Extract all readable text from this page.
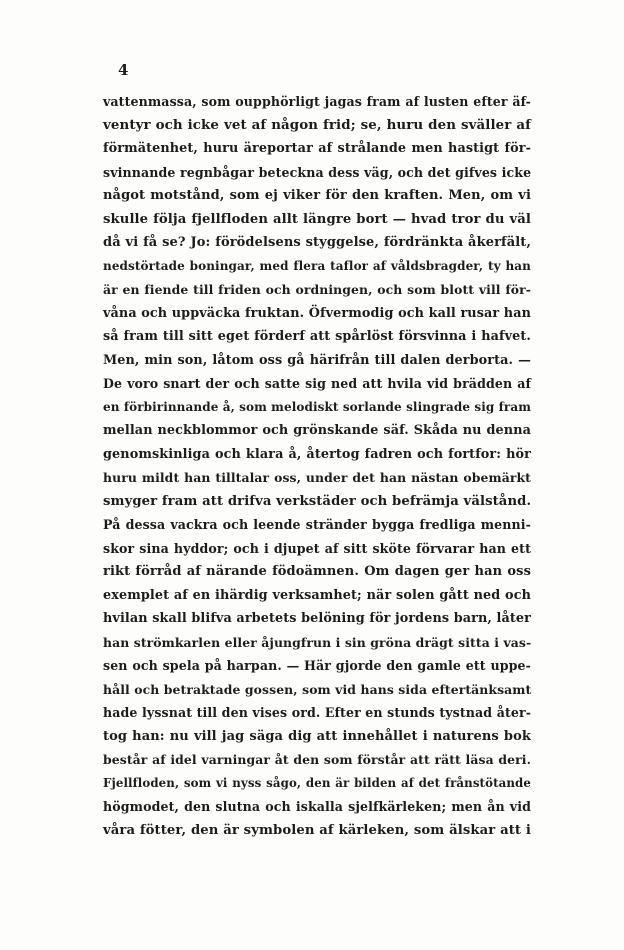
4
vattenmassa, som oupphörligt jagas fram af lusten efter äf-
ventyr och icke vet af någon frid; se, huru den sväller af
förmätenhet, huru äreportar af strålande men hastigt för-
svinnande regnbågar beteckna dess väg, och det gifves icke
något motstånd, som ej viker för den kraften. Men, om vi
skulle följa fjellfloden allt längre bort — hvad tror du väl
då vi få se? Jo: förödelsens styggelse, fördränkta åkerfält,
nedstörtade boningar, med flera taflor af våldsbragder, ty han
är en fiende till friden och ordningen, och som blott vill för-
våna och uppväcka fruktan. Öfvermodig och kall rusar han
så fram till sitt eget förderf att spårlöst försvinna i hafvet.
Men, min son, låtom oss gå härifrån till dalen derborta. —
De voro snart der och satte sig ned att hvila vid brädden af
en förbirinnande å, som melodiskt sorlande slingrade sig fram
mellan neckblommor och grönskande säf. Skåda nu denna
genomskinliga och klara å, återtog fadren och fortfor: hör
huru mildt han tilltalar oss, under det han nästan obemärkt
smyger fram att drifva verkstäder och befrämja välstånd.
På dessa vackra och leende stränder bygga fredliga menni-
skor sina hyddor; och i djupet af sitt sköte förvarar han ett
rikt förråd af närande födoämnen. Om dagen ger han oss
exemplet af en ihärdig verksamhet; när solen gått ned och
hvilan skall blifva arbetets belöning för jordens barn, låter
han strömkarlen eller åjungfrun i sin gröna drägt sitta i vas-
sen och spela på harpan. — Här gjorde den gamle ett uppe-
håll och betraktade gossen, som vid hans sida eftertänksamt
hade lyssnat till den vises ord. Efter en stunds tystnad åter-
tog han: nu vill jag säga dig att innehållet i naturens bok
består af idel varningar åt den som förstår att rätt läsa deri.
Fjellfloden, som vi nyss sågo, den är bilden af det frånstötande
högmodet, den slutna och iskalla sjelfkärleken; men ån vid
våra fötter, den är symbolen af kärleken, som älskar att i
